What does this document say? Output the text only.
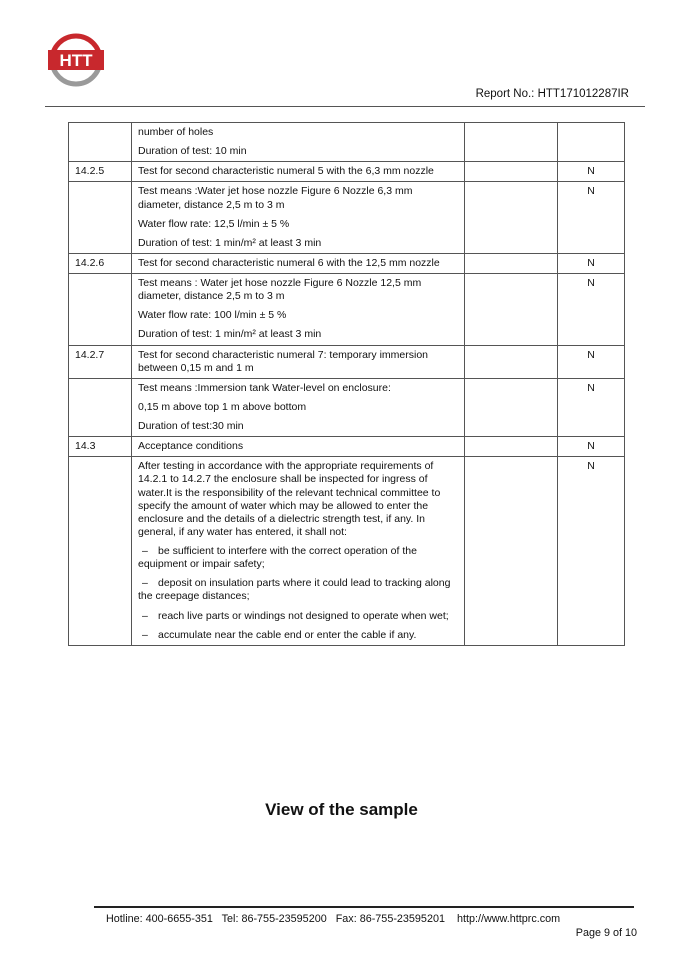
HTT
Report No.: HTT171012287IR

	number of holes
Duration of test: 10 min		

14.2.5	Test for second characteristic numeral 5 with the 6,3 mm nozzle		N

	Test means :Water jet hose nozzle Figure 6 Nozzle 6,3 mm diameter, distance 2,5 m to 3 m
Water flow rate: 12,5 l/min ± 5 %
Duration of test: 1 min/m² at least 3 min		N
14.2.6	Test for second characteristic numeral 6 with the 12,5 mm nozzle		N

	Test means : Water jet hose nozzle Figure 6 Nozzle 12,5 mm diameter, distance 2,5 m to 3 m
Water flow rate: 100 l/min ± 5 %
Duration of test: 1 min/m² at least 3 min		N
14.2.7	Test for second characteristic numeral 7: temporary immersion between 0,15 m and 1 m		N

	Test means :Immersion tank Water-level on enclosure:
0,15 m above top 1 m above bottom
Duration of test:30 min		N
14.3	Acceptance conditions		N

	After testing in accordance with the appropriate requirements of 14.2.1 to 14.2.7 the enclosure shall be inspected for ingress of water.It is the responsibility of the relevant technical committee to specify the amount of water which may be allowed to enter the enclosure and the details of a dielectric strength test, if any. In general, if any water has entered, it shall not:
– be sufficient to interfere with the correct operation of the equipment or impair safety;
– deposit on insulation parts where it could lead to tracking along the creepage distances;
– reach live parts or windings not designed to operate when wet;
– accumulate near the cable end or enter the cable if any.		N
View of the sample
Hotline: 400-6655-351   Tel: 86-755-23595200   Fax: 86-755-23595201    http://www.httprc.com
Page 9 of 10
